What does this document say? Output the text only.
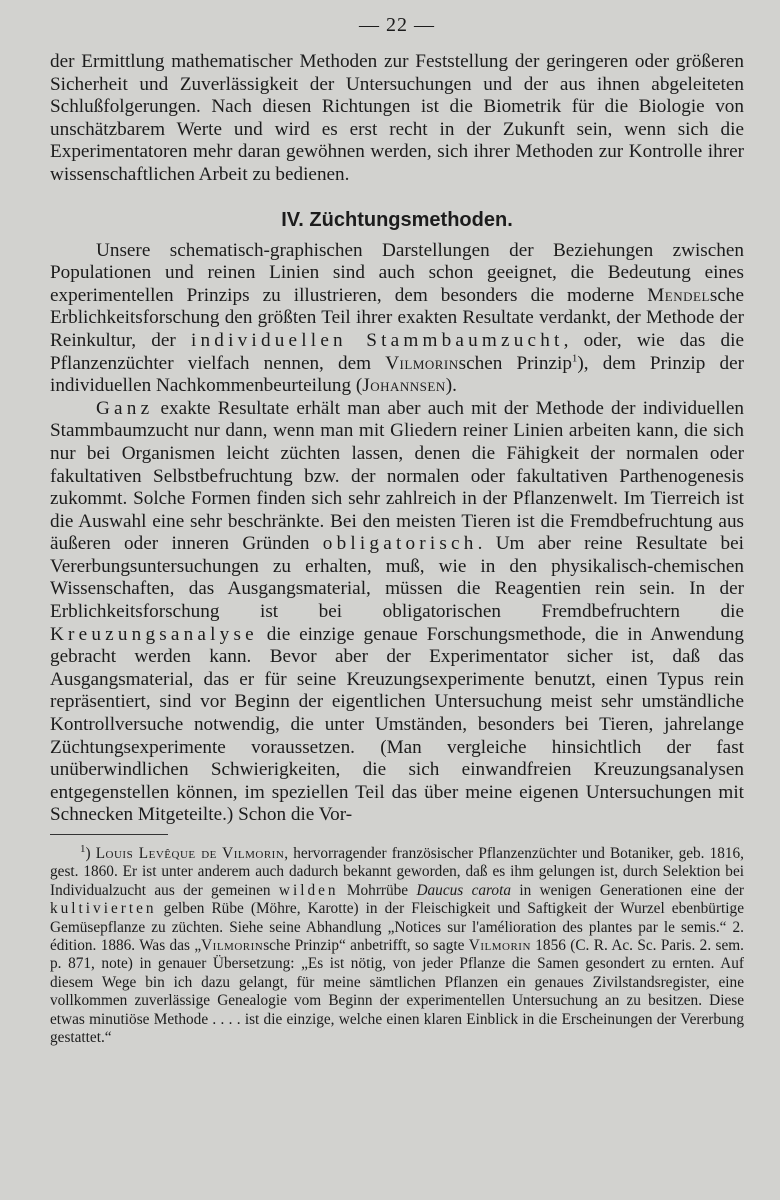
— 22 —

der Ermittlung mathematischer Methoden zur Feststellung der geringeren oder größeren Sicherheit und Zuverlässigkeit der Untersuchungen und der aus ihnen abgeleiteten Schlußfolgerungen. Nach diesen Richtungen ist die Biometrik für die Biologie von unschätzbarem Werte und wird es erst recht in der Zukunft sein, wenn sich die Experimentatoren mehr daran gewöhnen werden, sich ihrer Methoden zur Kontrolle ihrer wissenschaftlichen Arbeit zu bedienen.

IV. Züchtungsmethoden.

Unsere schematisch-graphischen Darstellungen der Beziehungen zwischen Populationen und reinen Linien sind auch schon geeignet, die Bedeutung eines experimentellen Prinzips zu illustrieren, dem besonders die moderne Mendelsche Erblichkeitsforschung den größten Teil ihrer exakten Resultate verdankt, der Methode der Reinkultur, der individuellen Stammbaumzucht, oder, wie das die Pflanzenzüchter vielfach nennen, dem Vilmorinschen Prinzip$^1$), dem Prinzip der individuellen Nachkommenbeurteilung (Johannsen).

Ganz exakte Resultate erhält man aber auch mit der Methode der individuellen Stammbaumzucht nur dann, wenn man mit Gliedern reiner Linien arbeiten kann, die sich nur bei Organismen leicht züchten lassen, denen die Fähigkeit der normalen oder fakultativen Selbstbefruchtung bzw. der normalen oder fakultativen Parthenogenesis zukommt. Solche Formen finden sich sehr zahlreich in der Pflanzenwelt. Im Tierreich ist die Auswahl eine sehr beschränkte. Bei den meisten Tieren ist die Fremdbefruchtung aus äußeren oder inneren Gründen obligatorisch. Um aber reine Resultate bei Vererbungsuntersuchungen zu erhalten, muß, wie in den physikalisch-chemischen Wissenschaften, das Ausgangsmaterial, müssen die Reagentien rein sein. In der Erblichkeitsforschung ist bei obligatorischen Fremdbefruchtern die Kreuzungsanalyse die einzige genaue Forschungsmethode, die in Anwendung gebracht werden kann. Bevor aber der Experimentator sicher ist, daß das Ausgangsmaterial, das er für seine Kreuzungsexperimente benutzt, einen Typus rein repräsentiert, sind vor Beginn der eigentlichen Untersuchung meist sehr umständliche Kontrollversuche notwendig, die unter Umständen, besonders bei Tieren, jahrelange Züchtungsexperimente voraussetzen. (Man vergleiche hinsichtlich der fast unüberwindlichen Schwierigkeiten, die sich einwandfreien Kreuzungsanalysen entgegenstellen können, im speziellen Teil das über meine eigenen Untersuchungen mit Schnecken Mitgeteilte.) Schon die Vor-

$^1$) Louis Levêque de Vilmorin, hervorragender französischer Pflanzenzüchter und Botaniker, geb. 1816, gest. 1860. Er ist unter anderem auch dadurch bekannt geworden, daß es ihm gelungen ist, durch Selektion bei Individualzucht aus der gemeinen wilden Mohrrübe Daucus carota in wenigen Generationen eine der kultivierten gelben Rübe (Möhre, Karotte) in der Fleischigkeit und Saftigkeit der Wurzel ebenbürtige Gemüsepflanze zu züchten. Siehe seine Abhandlung „Notices sur l'amélioration des plantes par le semis.“ 2. édition. 1886. Was das „Vilmorinsche Prinzip“ anbetrifft, so sagte Vilmorin 1856 (C. R. Ac. Sc. Paris. 2. sem. p. 871, note) in genauer Übersetzung: „Es ist nötig, von jeder Pflanze die Samen gesondert zu ernten. Auf diesem Wege bin ich dazu gelangt, für meine sämtlichen Pflanzen ein genaues Zivilstandsregister, eine vollkommen zuverlässige Genealogie vom Beginn der experimentellen Untersuchung an zu besitzen. Diese etwas minutiöse Methode . . . . ist die einzige, welche einen klaren Einblick in die Erscheinungen der Vererbung gestattet.“
